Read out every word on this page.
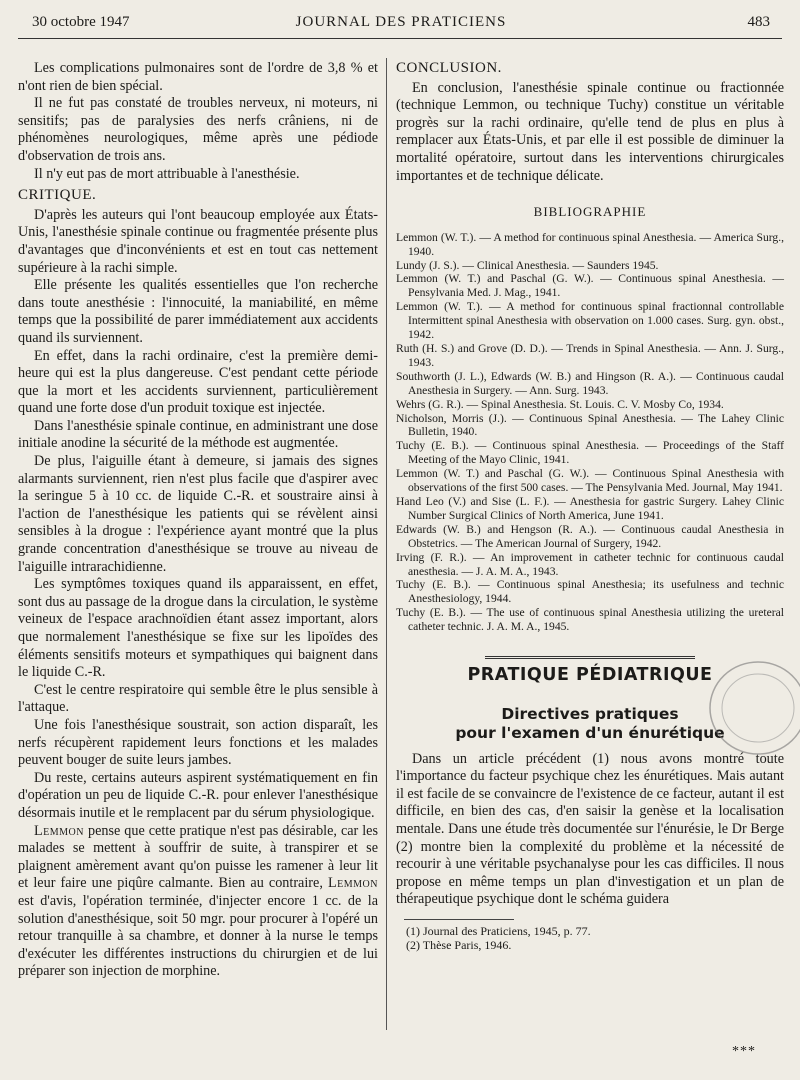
30 octobre 1947	JOURNAL DES PRATICIENS	483

Les complications pulmonaires sont de l'ordre de 3,8 % et n'ont rien de bien spécial.

Il ne fut pas constaté de troubles nerveux, ni moteurs, ni sensitifs; pas de paralysies des nerfs crâniens, ni de phénomènes neurologiques, même après une pédiode d'observation de trois ans.

Il n'y eut pas de mort attribuable à l'anesthésie.

CRITIQUE.

D'après les auteurs qui l'ont beaucoup employée aux États-Unis, l'anesthésie spinale continue ou fragmentée présente plus d'avantages que d'inconvénients et est en tout cas nettement supérieure à la rachi simple.

Elle présente les qualités essentielles que l'on recherche dans toute anesthésie : l'innocuité, la maniabilité, en même temps que la possibilité de parer immédiatement aux accidents quand ils surviennent.

En effet, dans la rachi ordinaire, c'est la première demi-heure qui est la plus dangereuse. C'est pendant cette période que la mort et les accidents surviennent, particulièrement quand une forte dose d'un produit toxique est injectée.

Dans l'anesthésie spinale continue, en administrant une dose initiale anodine la sécurité de la méthode est augmentée.

De plus, l'aiguille étant à demeure, si jamais des signes alarmants surviennent, rien n'est plus facile que d'aspirer avec la seringue 5 à 10 cc. de liquide C.-R. et soustraire ainsi à l'action de l'anesthésique les patients qui se révèlent ainsi sensibles à la drogue : l'expérience ayant montré que la plus grande concentration d'anesthésique se trouve au niveau de l'aiguille intrarachidienne.

Les symptômes toxiques quand ils apparaissent, en effet, sont dus au passage de la drogue dans la circulation, le système veineux de l'espace arachnoïdien étant assez important, alors que normalement l'anesthésique se fixe sur les lipoïdes des éléments sensitifs moteurs et sympathiques qui baignent dans le liquide C.-R.

C'est le centre respiratoire qui semble être le plus sensible à l'attaque.

Une fois l'anesthésique soustrait, son action disparaît, les nerfs récupèrent rapidement leurs fonctions et les malades peuvent bouger de suite leurs jambes.

Du reste, certains auteurs aspirent systématiquement en fin d'opération un peu de liquide C.-R. pour enlever l'anesthésique désormais inutile et le remplacent par du sérum physiologique.

Lemmon pense que cette pratique n'est pas désirable, car les malades se mettent à souffrir de suite, à transpirer et se plaignent amèrement avant qu'on puisse les ramener à leur lit et leur faire une piqûre calmante. Bien au contraire, Lemmon est d'avis, l'opération terminée, d'injecter encore 1 cc. de la solution d'anesthésique, soit 50 mgr. pour procurer à l'opéré un retour tranquille à sa chambre, et donner à la nurse le temps d'exécuter les différentes instructions du chirurgien et de lui préparer son injection de morphine.

CONCLUSION.

En conclusion, l'anesthésie spinale continue ou fractionnée (technique Lemmon, ou technique Tuchy) constitue un véritable progrès sur la rachi ordinaire, qu'elle tend de plus en plus à remplacer aux États-Unis, et par elle il est possible de diminuer la mortalité opératoire, surtout dans les interventions chirurgicales importantes et de technique délicate.

BIBLIOGRAPHIE

Lemmon (W. T.). — A method for continuous spinal Anesthesia. — America Surg., 1940.

Lundy (J. S.). — Clinical Anesthesia. — Saunders 1945.

Lemmon (W. T.) and Paschal (G. W.). — Continuous spinal Anesthesia. — Pensylvania Med. J. Mag., 1941.

Lemmon (W. T.). — A method for continuous spinal fractionnal controllable Intermittent spinal Anesthesia with observation on 1.000 cases. Surg. gyn. obst., 1942.

Ruth (H. S.) and Grove (D. D.). — Trends in Spinal Anesthesia. — Ann. J. Surg., 1943.

Southworth (J. L.), Edwards (W. B.) and Hingson (R. A.). — Continuous caudal Anesthesia in Surgery. — Ann. Surg. 1943.

Wehrs (G. R.). — Spinal Anesthesia. St. Louis. C. V. Mosby Co, 1934.

Nicholson, Morris (J.). — Continuous Spinal Anesthesia. — The Lahey Clinic Bulletin, 1940.

Tuchy (E. B.). — Continuous spinal Anesthesia. — Proceedings of the Staff Meeting of the Mayo Clinic, 1941.

Lemmon (W. T.) and Paschal (G. W.). — Continuous Spinal Anesthesia with observations of the first 500 cases. — The Pensylvania Med. Journal, May 1941.

Hand Leo (V.) and Sise (L. F.). — Anesthesia for gastric Surgery. Lahey Clinic Number Surgical Clinics of North America, June 1941.

Edwards (W. B.) and Hengson (R. A.). — Continuous caudal Anesthesia in Obstetrics. — The American Journal of Surgery, 1942.

Irving (F. R.). — An improvement in catheter technic for continuous caudal anesthesia. — J. A. M. A., 1943.

Tuchy (E. B.). — Continuous spinal Anesthesia; its usefulness and technic Anesthesiology, 1944.

Tuchy (E. B.). — The use of continuous spinal Anesthesia utilizing the ureteral catheter technic. J. A. M. A., 1945.

PRATIQUE PÉDIATRIQUE
Directives pratiques
pour l'examen d'un énurétique

Dans un article précédent (1) nous avons montré toute l'importance du facteur psychique chez les énurétiques. Mais autant il est facile de se convaincre de l'existence de ce facteur, autant il est difficile, en bien des cas, d'en saisir la genèse et la localisation mentale. Dans une étude très documentée sur l'énurésie, le Dr Berge (2) montre bien la complexité du problème et la nécessité de recourir à une véritable psychanalyse pour les cas difficiles. Il nous propose en même temps un plan d'investigation et un plan de thérapeutique psychique dont le schéma guidera

(1) Journal des Praticiens, 1945, p. 77.

(2) Thèse Paris, 1946.

***
